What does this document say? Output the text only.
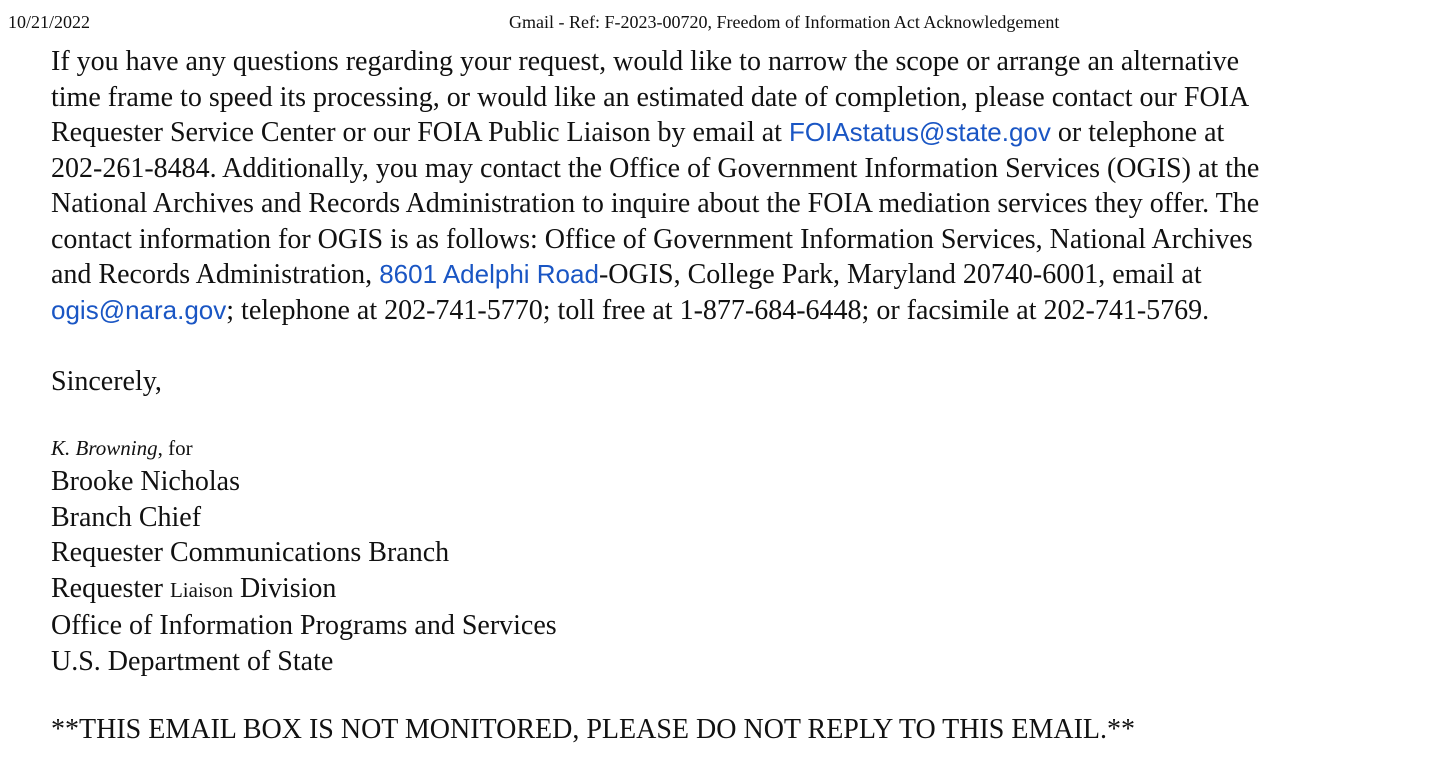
10/21/2022	Gmail - Ref: F-2023-00720, Freedom of Information Act Acknowledgement

If you have any questions regarding your request, would like to narrow the scope or arrange an alternative

time frame to speed its processing, or would like an estimated date of completion, please contact our FOIA

Requester Service Center or our FOIA Public Liaison by email at FOIAstatus@state.gov or telephone at

202-261-8484. Additionally, you may contact the Office of Government Information Services (OGIS) at the

National Archives and Records Administration to inquire about the FOIA mediation services they offer. The

contact information for OGIS is as follows: Office of Government Information Services, National Archives

and Records Administration, 8601 Adelphi Road-OGIS, College Park, Maryland 20740-6001, email at

ogis@nara.gov; telephone at 202-741-5770; toll free at 1-877-684-6448; or facsimile at 202-741-5769.

Sincerely,

K. Browning, for

Brooke Nicholas

Branch Chief

Requester Communications Branch

Requester Liaison Division

Office of Information Programs and Services

U.S. Department of State

**THIS EMAIL BOX IS NOT MONITORED, PLEASE DO NOT REPLY TO THIS EMAIL.**
